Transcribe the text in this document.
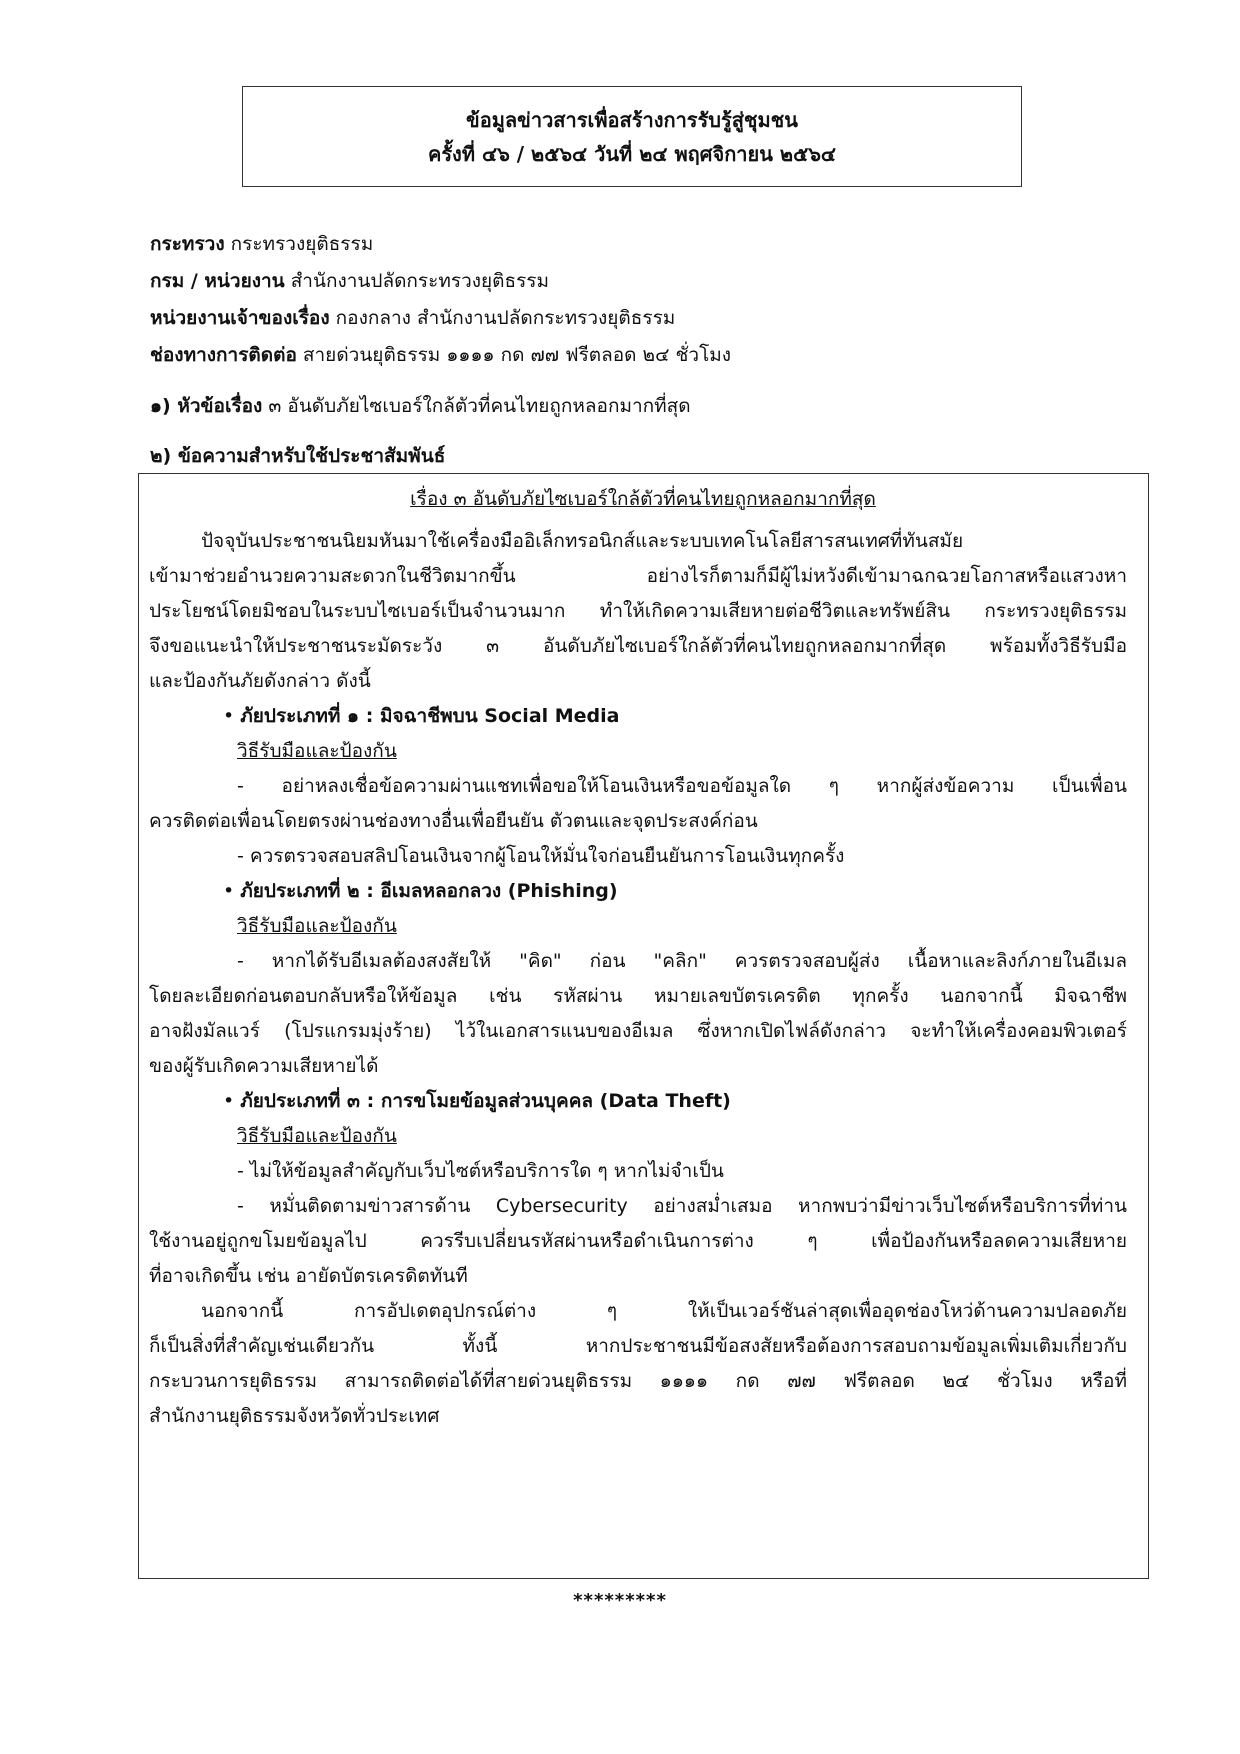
ข้อมูลข่าวสารเพื่อสร้างการรับรู้สู่ชุมชน
ครั้งที่ ๔๖ / ๒๕๖๔ วันที่ ๒๔ พฤศจิกายน ๒๕๖๔
กระทรวง กระทรวงยุติธรรม
กรม / หน่วยงาน สำนักงานปลัดกระทรวงยุติธรรม
หน่วยงานเจ้าของเรื่อง กองกลาง สำนักงานปลัดกระทรวงยุติธรรม
ช่องทางการติดต่อ สายด่วนยุติธรรม ๑๑๑๑ กด ๗๗ ฟรีตลอด ๒๔ ชั่วโมง
๑) หัวข้อเรื่อง ๓ อันดับภัยไซเบอร์ใกล้ตัวที่คนไทยถูกหลอกมากที่สุด
๒) ข้อความสำหรับใช้ประชาสัมพันธ์
เรื่อง ๓ อันดับภัยไซเบอร์ใกล้ตัวที่คนไทยถูกหลอกมากที่สุด
ปัจจุบันประชาชนนิยมหันมาใช้เครื่องมืออิเล็กทรอนิกส์และระบบเทคโนโลยีสารสนเทศที่ทันสมัย
เข้ามาช่วยอำนวยความสะดวกในชีวิตมากขึ้น อย่างไรก็ตามก็มีผู้ไม่หวังดีเข้ามาฉกฉวยโอกาสหรือแสวงหา
ประโยชน์โดยมิชอบในระบบไซเบอร์เป็นจำนวนมาก ทำให้เกิดความเสียหายต่อชีวิตและทรัพย์สิน กระทรวงยุติธรรม
จึงขอแนะนำให้ประชาชนระมัดระวัง ๓ อันดับภัยไซเบอร์ใกล้ตัวที่คนไทยถูกหลอกมากที่สุด พร้อมทั้งวิธีรับมือ
และป้องกันภัยดังกล่าว ดังนี้
• ภัยประเภทที่ ๑ : มิจฉาชีพบน Social Media
วิธีรับมือและป้องกัน
- อย่าหลงเชื่อข้อความผ่านแชทเพื่อขอให้โอนเงินหรือขอข้อมูลใด ๆ หากผู้ส่งข้อความ เป็นเพื่อน
ควรติดต่อเพื่อนโดยตรงผ่านช่องทางอื่นเพื่อยืนยัน ตัวตนและจุดประสงค์ก่อน
- ควรตรวจสอบสลิปโอนเงินจากผู้โอนให้มั่นใจก่อนยืนยันการโอนเงินทุกครั้ง
• ภัยประเภทที่ ๒ : อีเมลหลอกลวง (Phishing)
วิธีรับมือและป้องกัน
- หากได้รับอีเมลต้องสงสัยให้ "คิด" ก่อน "คลิก" ควรตรวจสอบผู้ส่ง เนื้อหาและลิงก์ภายในอีเมล
โดยละเอียดก่อนตอบกลับหรือให้ข้อมูล เช่น รหัสผ่าน หมายเลขบัตรเครดิต ทุกครั้ง นอกจากนี้ มิจฉาชีพ
อาจฝังมัลแวร์ (โปรแกรมมุ่งร้าย) ไว้ในเอกสารแนบของอีเมล ซึ่งหากเปิดไฟล์ดังกล่าว จะทำให้เครื่องคอมพิวเตอร์
ของผู้รับเกิดความเสียหายได้
• ภัยประเภทที่ ๓ : การขโมยข้อมูลส่วนบุคคล (Data Theft)
วิธีรับมือและป้องกัน
- ไม่ให้ข้อมูลสำคัญกับเว็บไซต์หรือบริการใด ๆ หากไม่จำเป็น
- หมั่นติดตามข่าวสารด้าน Cybersecurity อย่างสม่ำเสมอ หากพบว่ามีข่าวเว็บไซต์หรือบริการที่ท่าน
ใช้งานอยู่ถูกขโมยข้อมูลไป ควรรีบเปลี่ยนรหัสผ่านหรือดำเนินการต่าง ๆ เพื่อป้องกันหรือลดความเสียหาย
ที่อาจเกิดขึ้น เช่น อายัดบัตรเครดิตทันที
นอกจากนี้ การอัปเดตอุปกรณ์ต่าง ๆ ให้เป็นเวอร์ชันล่าสุดเพื่ออุดช่องโหว่ด้านความปลอดภัย
ก็เป็นสิ่งที่สำคัญเช่นเดียวกัน ทั้งนี้ หากประชาชนมีข้อสงสัยหรือต้องการสอบถามข้อมูลเพิ่มเติมเกี่ยวกับ
กระบวนการยุติธรรม สามารถติดต่อได้ที่สายด่วนยุติธรรม ๑๑๑๑ กด ๗๗ ฟรีตลอด ๒๔ ชั่วโมง หรือที่
สำนักงานยุติธรรมจังหวัดทั่วประเทศ
*********
